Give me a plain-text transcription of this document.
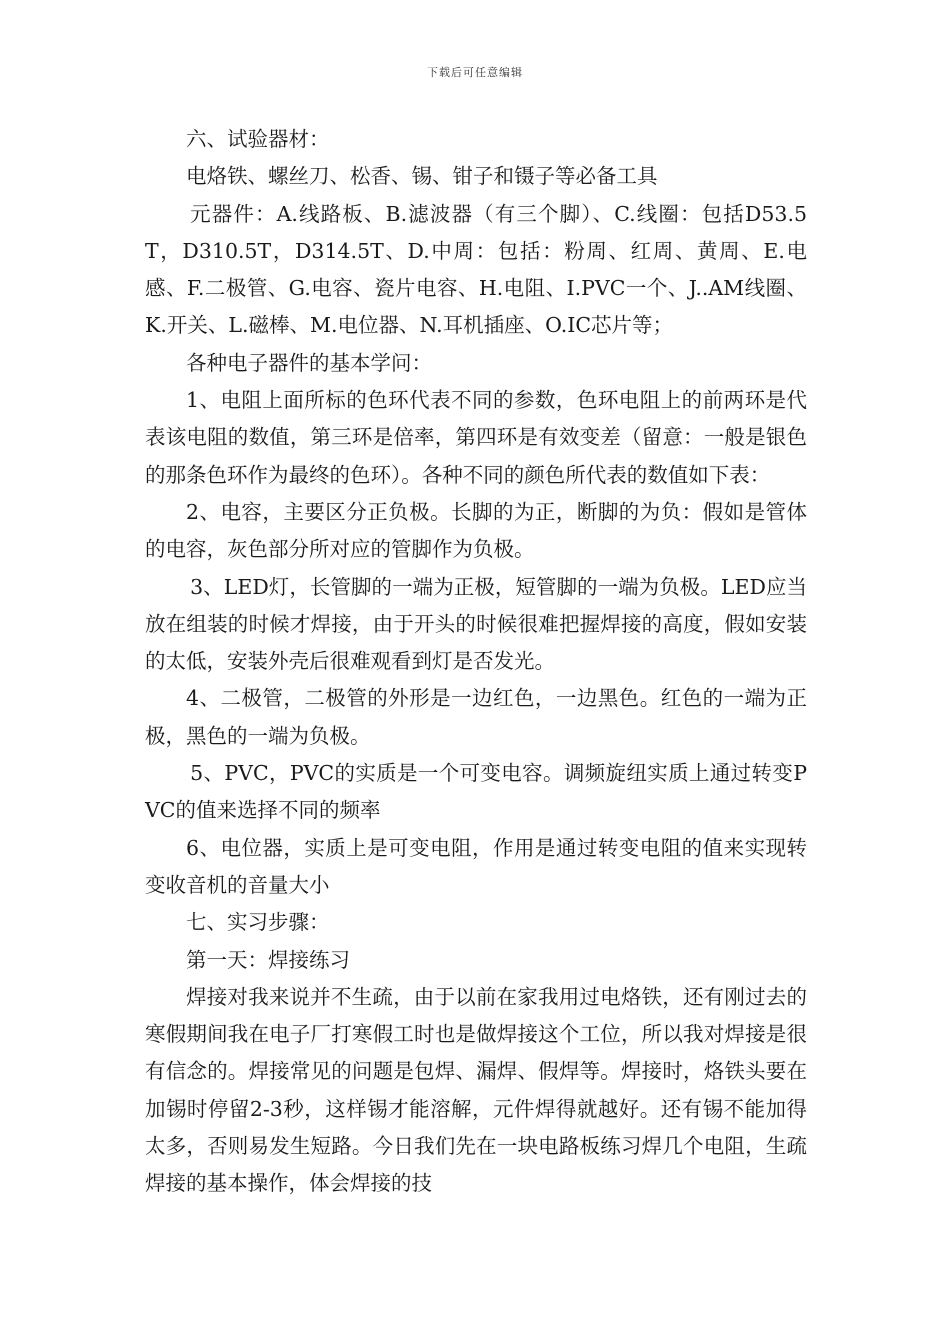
下载后可任意编辑

六、试验器材：

电烙铁、螺丝刀、松香、锡、钳子和镊子等必备工具

元器件：A.线路板、B.滤波器（有三个脚）、C.线圈：包括D53.5T，D310.5T，D314.5T、D.中周：包括：粉周、红周、黄周、E.电感、F.二极管、G.电容、瓷片电容、H.电阻、I.PVC一个、J..AM线圈、K.开关、L.磁棒、M.电位器、N.耳机插座、O.IC芯片等；

各种电子器件的基本学问：

1、电阻上面所标的色环代表不同的参数，色环电阻上的前两环是代表该电阻的数值，第三环是倍率，第四环是有效变差（留意：一般是银色的那条色环作为最终的色环）。各种不同的颜色所代表的数值如下表：

2、电容，主要区分正负极。长脚的为正，断脚的为负：假如是管体的电容，灰色部分所对应的管脚作为负极。

3、LED灯，长管脚的一端为正极，短管脚的一端为负极。LED应当放在组装的时候才焊接，由于开头的时候很难把握焊接的高度，假如安装的太低，安装外壳后很难观看到灯是否发光。

4、二极管，二极管的外形是一边红色，一边黑色。红色的一端为正极，黑色的一端为负极。

5、PVC，PVC的实质是一个可变电容。调频旋纽实质上通过转变PVC的值来选择不同的频率

6、电位器，实质上是可变电阻，作用是通过转变电阻的值来实现转变收音机的音量大小

七、实习步骤：

第一天：焊接练习

焊接对我来说并不生疏，由于以前在家我用过电烙铁，还有刚过去的寒假期间我在电子厂打寒假工时也是做焊接这个工位，所以我对焊接是很有信念的。焊接常见的问题是包焊、漏焊、假焊等。焊接时，烙铁头要在加锡时停留2-3秒，这样锡才能溶解，元件焊得就越好。还有锡不能加得太多，否则易发生短路。今日我们先在一块电路板练习焊几个电阻，生疏焊接的基本操作，体会焊接的技
